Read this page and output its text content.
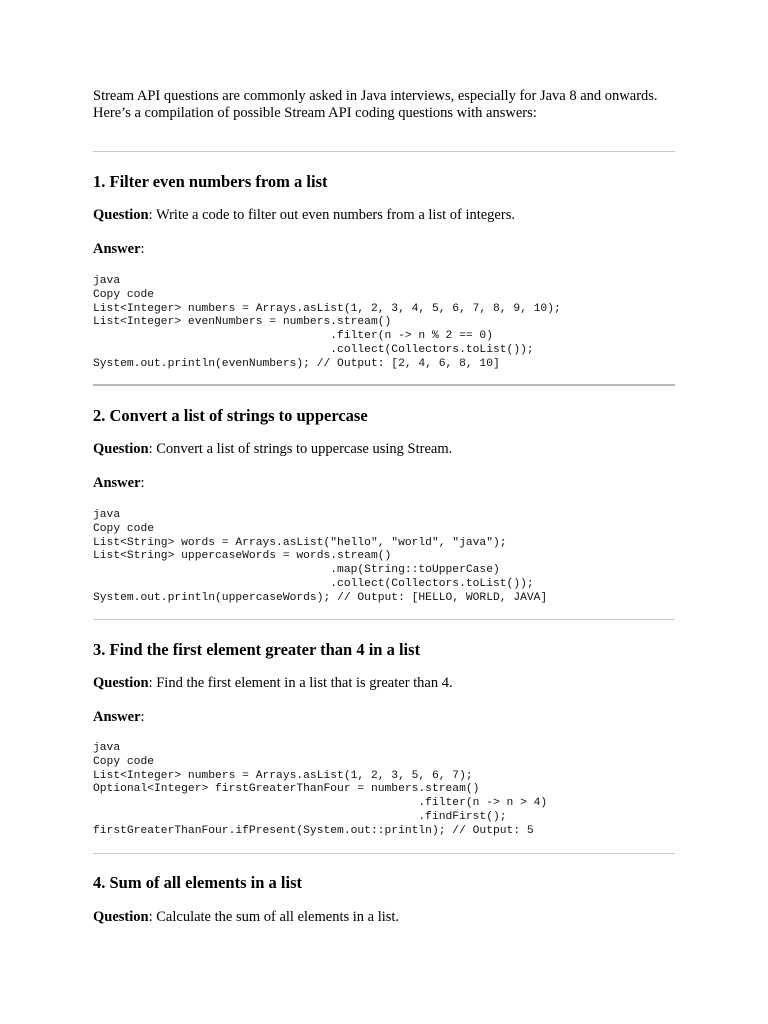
Stream API questions are commonly asked in Java interviews, especially for Java 8 and onwards. Here’s a compilation of possible Stream API coding questions with answers:

1. Filter even numbers from a list
Question: Write a code to filter out even numbers from a list of integers.
Answer:
java
Copy code
List<Integer> numbers = Arrays.asList(1, 2, 3, 4, 5, 6, 7, 8, 9, 10);
List<Integer> evenNumbers = numbers.stream()
.filter(n -> n % 2 == 0)
.collect(Collectors.toList());
System.out.println(evenNumbers); // Output: [2, 4, 6, 8, 10]
2. Convert a list of strings to uppercase
Question: Convert a list of strings to uppercase using Stream.
Answer:
java
Copy code
List<String> words = Arrays.asList("hello", "world", "java");
List<String> uppercaseWords = words.stream()
.map(String::toUpperCase)
.collect(Collectors.toList());
System.out.println(uppercaseWords); // Output: [HELLO, WORLD, JAVA]
3. Find the first element greater than 4 in a list
Question: Find the first element in a list that is greater than 4.
Answer:
java
Copy code
List<Integer> numbers = Arrays.asList(1, 2, 3, 5, 6, 7);
Optional<Integer> firstGreaterThanFour = numbers.stream()
.filter(n -> n > 4)
.findFirst();
firstGreaterThanFour.ifPresent(System.out::println); // Output: 5
4. Sum of all elements in a list
Question: Calculate the sum of all elements in a list.
